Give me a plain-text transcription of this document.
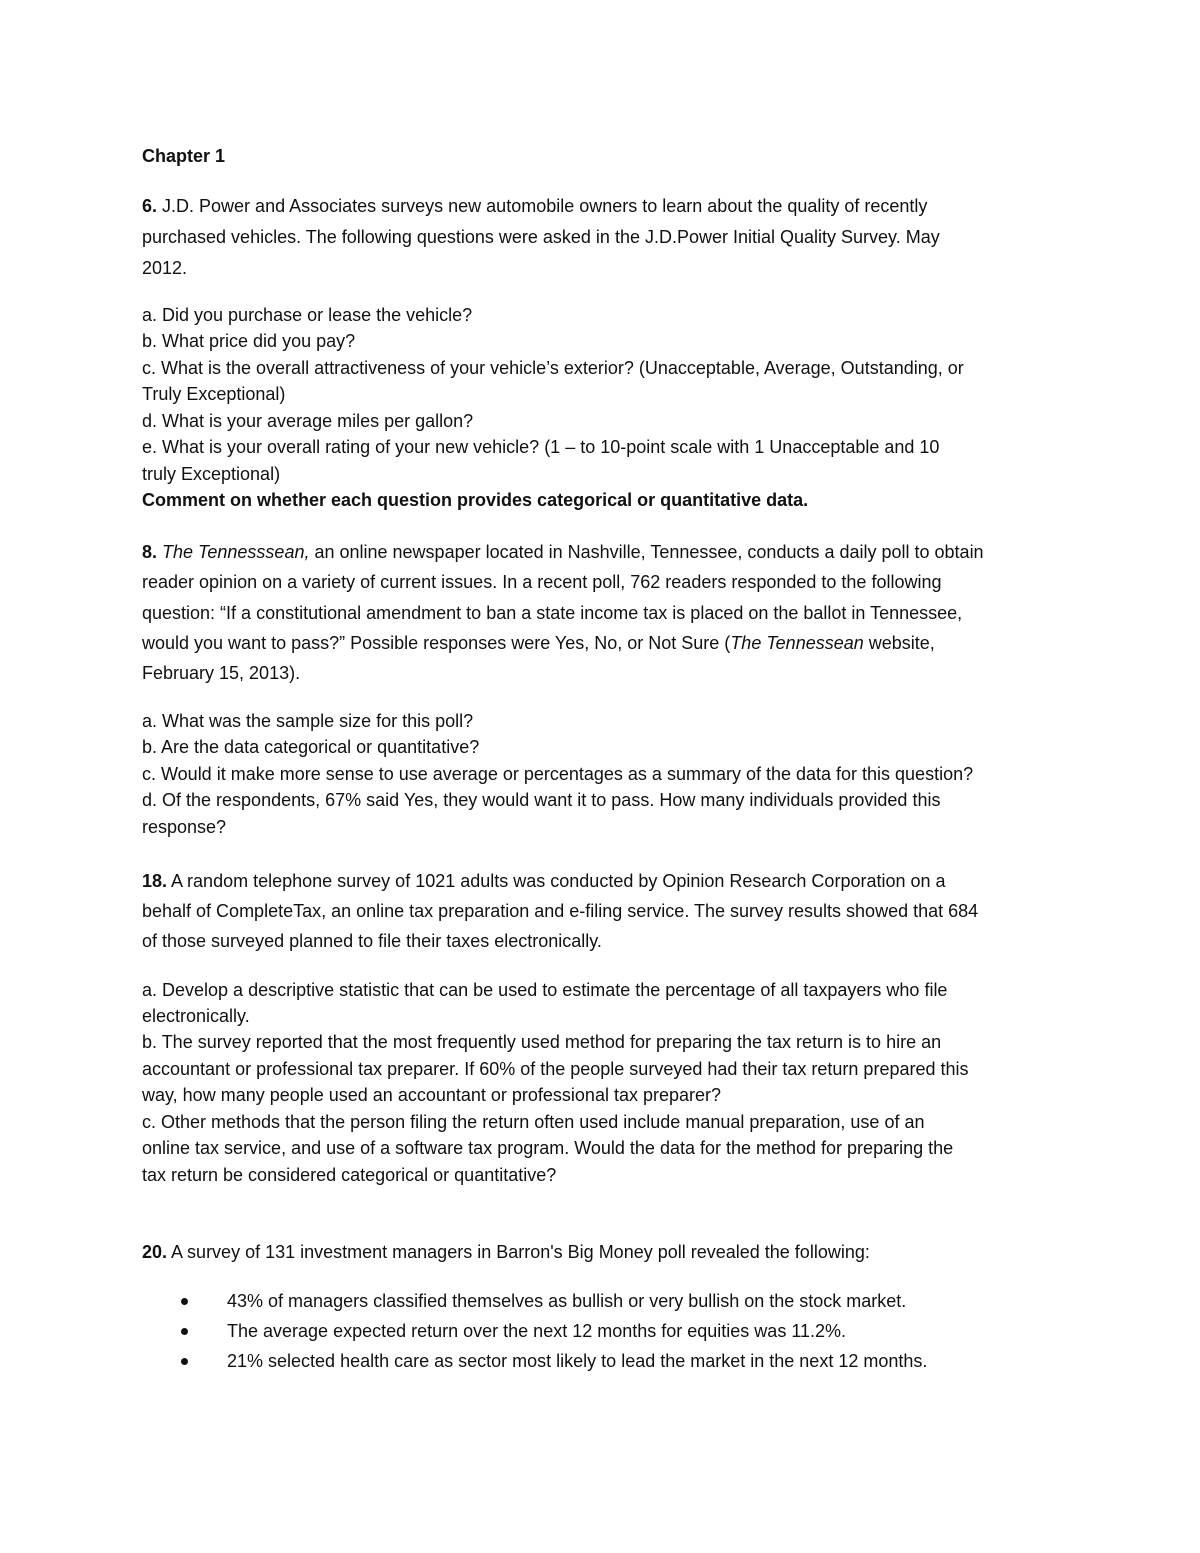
Chapter 1

6. J.D. Power and Associates surveys new automobile owners to learn about the quality of recently

purchased vehicles. The following questions were asked in the J.D.Power Initial Quality Survey. May

2012.

a. Did you purchase or lease the vehicle?

b. What price did you pay?

c. What is the overall attractiveness of your vehicle’s exterior? (Unacceptable, Average, Outstanding, or

Truly Exceptional)

d. What is your average miles per gallon?

e. What is your overall rating of your new vehicle? (1 – to 10-point scale with 1 Unacceptable and 10

truly Exceptional)

Comment on whether each question provides categorical or quantitative data.

8. The Tennesssean, an online newspaper located in Nashville, Tennessee, conducts a daily poll to obtain

reader opinion on a variety of current issues. In a recent poll, 762 readers responded to the following

question: “If a constitutional amendment to ban a state income tax is placed on the ballot in Tennessee,

would you want to pass?” Possible responses were Yes, No, or Not Sure (The Tennessean website,

February 15, 2013).

a. What was the sample size for this poll?

b. Are the data categorical or quantitative?

c. Would it make more sense to use average or percentages as a summary of the data for this question?

d. Of the respondents, 67% said Yes, they would want it to pass. How many individuals provided this

response?

18. A random telephone survey of 1021 adults was conducted by Opinion Research Corporation on a

behalf of CompleteTax, an online tax preparation and e-filing service. The survey results showed that 684

of those surveyed planned to file their taxes electronically.

a. Develop a descriptive statistic that can be used to estimate the percentage of all taxpayers who file

electronically.

b. The survey reported that the most frequently used method for preparing the tax return is to hire an

accountant or professional tax preparer. If 60% of the people surveyed had their tax return prepared this

way, how many people used an accountant or professional tax preparer?

c. Other methods that the person filing the return often used include manual preparation, use of an

online tax service, and use of a software tax program. Would the data for the method for preparing the

tax return be considered categorical or quantitative?

20. A survey of 131 investment managers in Barron's Big Money poll revealed the following:

43% of managers classified themselves as bullish or very bullish on the stock market.
The average expected return over the next 12 months for equities was 11.2%.
21% selected health care as sector most likely to lead the market in the next 12 months.
